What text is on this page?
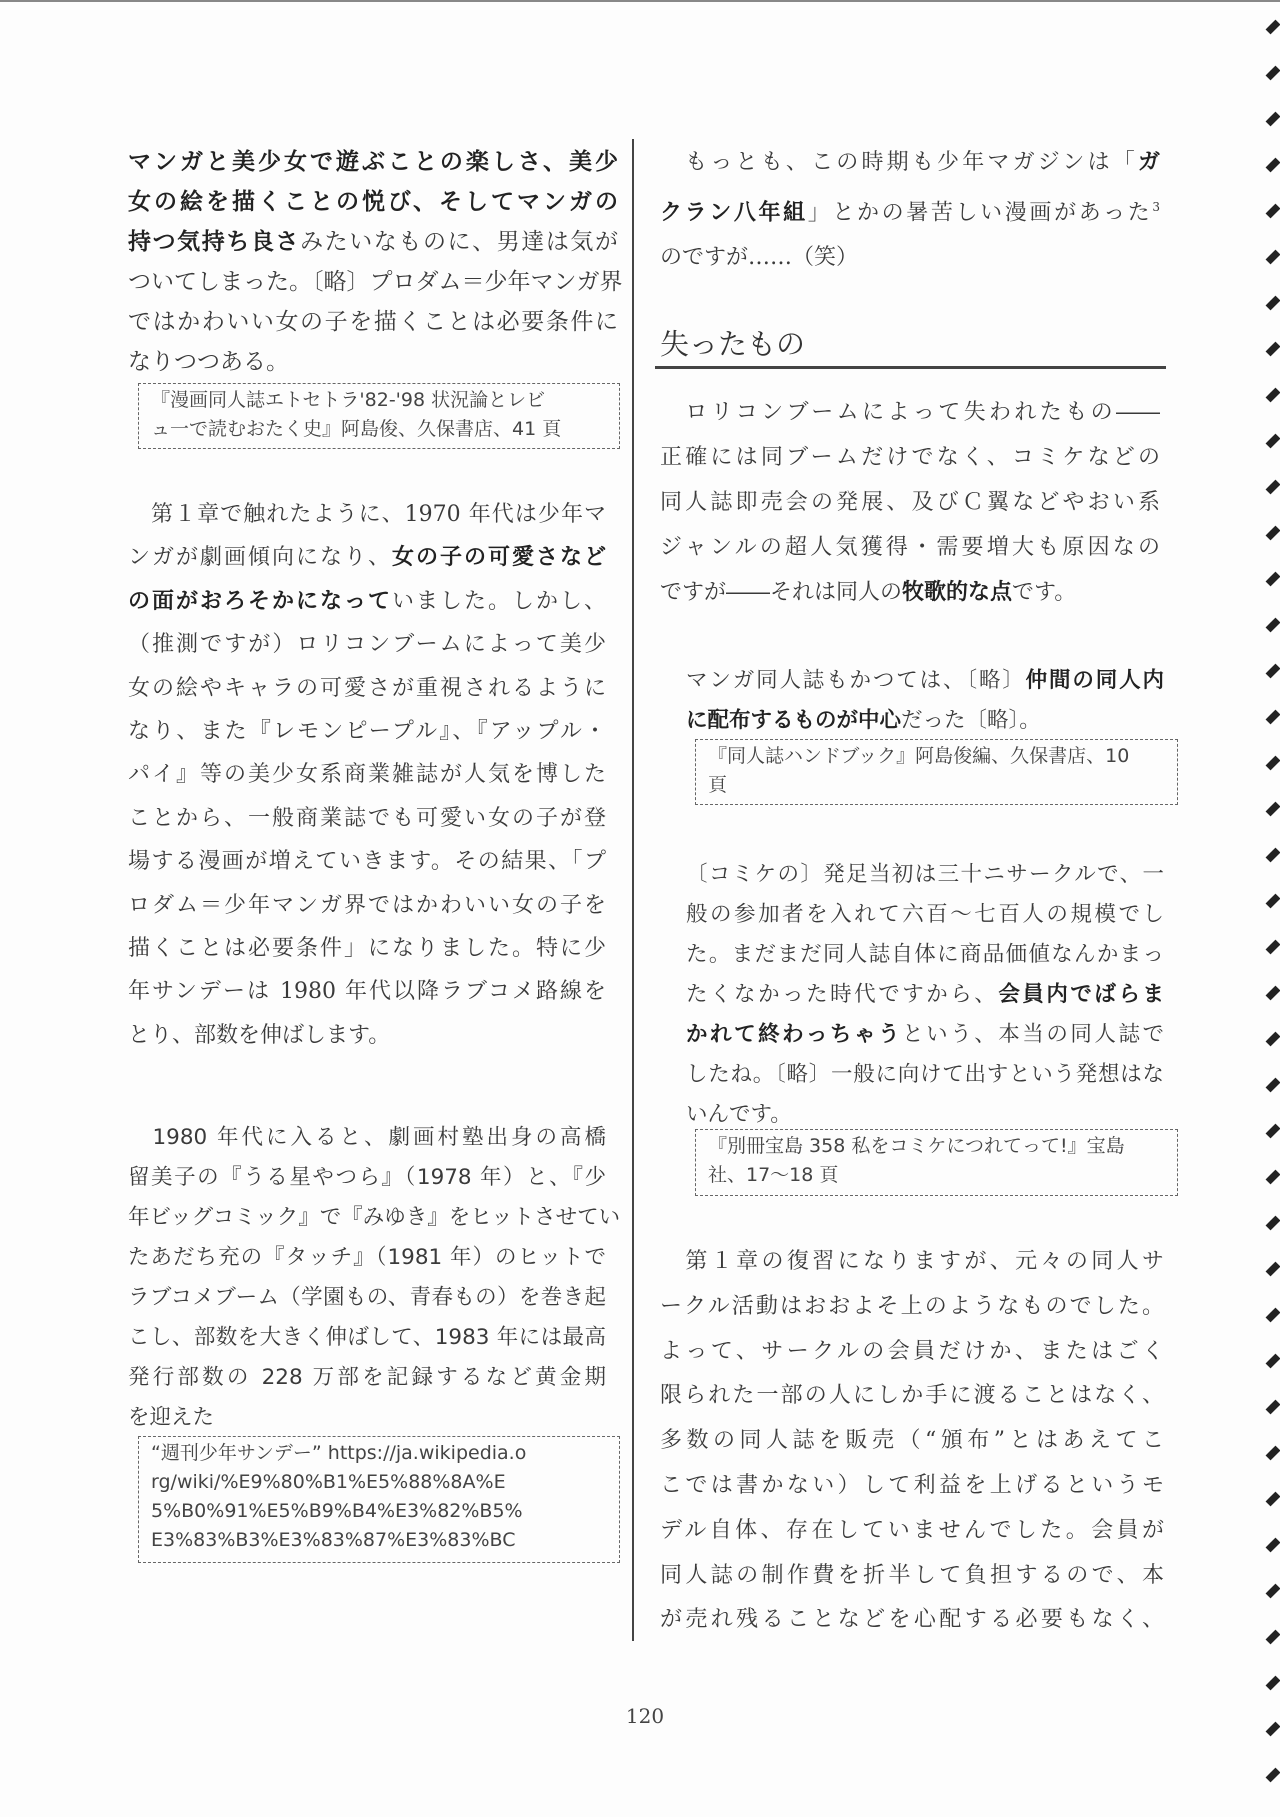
マンガと美少女で遊ぶことの楽しさ、美少
女の絵を描くことの悦び、そしてマンガの
持つ気持ち良さみたいなものに、男達は気が
ついてしまった。〔略〕プロダム＝少年マンガ界
ではかわいい女の子を描くことは必要条件に
なりつつある。
『漫画同人誌エトセトラ'82-'98 状況論とレビ
ュ一で読むおたく史』阿島俊、久保書店、41 頁
　第１章で触れたように、1970 年代は少年マ
ンガが劇画傾向になり、女の子の可愛さなど
の面がおろそかになっていました。しかし、
（推測ですが）ロリコンブームによって美少
女の絵やキャラの可愛さが重視されるように
なり、また『レモンピープル』、『アップル・
パイ』等の美少女系商業雑誌が人気を博した
ことから、一般商業誌でも可愛い女の子が登
場する漫画が増えていきます。その結果、「プ
ロダム＝少年マンガ界ではかわいい女の子を
描くことは必要条件」になりました。特に少
年サンデーは 1980 年代以降ラブコメ路線を
とり、部数を伸ばします。
　1980 年代に入ると、劇画村塾出身の高橋
留美子の『うる星やつら』（1978 年）と、『少
年ビッグコミック』で『みゆき』をヒットさせてい
たあだち充の『タッチ』（1981 年）のヒットで
ラブコメブーム（学園もの、青春もの）を巻き起
こし、部数を大きく伸ばして、1983 年には最高
発行部数の 228 万部を記録するなど黄金期
を迎えた
“週刊少年サンデー” https://ja.wikipedia.o
rg/wiki/%E9%80%B1%E5%88%8A%E
5%B0%91%E5%B9%B4%E3%82%B5%
E3%83%B3%E3%83%87%E3%83%BC
　もっとも、この時期も少年マガジンは「ガ
クラン八年組」とかの暑苦しい漫画があった$^3$
のですが……（笑）
失ったもの
　ロリコンブームによって失われたもの――
正確には同ブームだけでなく、コミケなどの
同人誌即売会の発展、及びＣ翼などやおい系
ジャンルの超人気獲得・需要増大も原因なの
ですが――それは同人の牧歌的な点です。
マンガ同人誌もかつては、〔略〕仲間の同人内
に配布するものが中心だった〔略〕。
『同人誌ハンドブック』阿島俊編、久保書店、10
頁
〔コミケの〕発足当初は三十ニサークルで、一
般の参加者を入れて六百～七百人の規模でし
た。まだまだ同人誌自体に商品価値なんかまっ
たくなかった時代ですから、会員内でばらま
かれて終わっちゃうという、本当の同人誌で
したね。〔略〕一般に向けて出すという発想はな
いんです。
『別冊宝島 358 私をコミケにつれてって!』宝島
社、17～18 頁
　第１章の復習になりますが、元々の同人サ
ークル活動はおおよそ上のようなものでした。
よって、サークルの会員だけか、またはごく
限られた一部の人にしか手に渡ることはなく、
多数の同人誌を販売（“頒布”とはあえてこ
こでは書かない）して利益を上げるというモ
デル自体、存在していませんでした。会員が
同人誌の制作費を折半して負担するので、本
が売れ残ることなどを心配する必要もなく、
120
